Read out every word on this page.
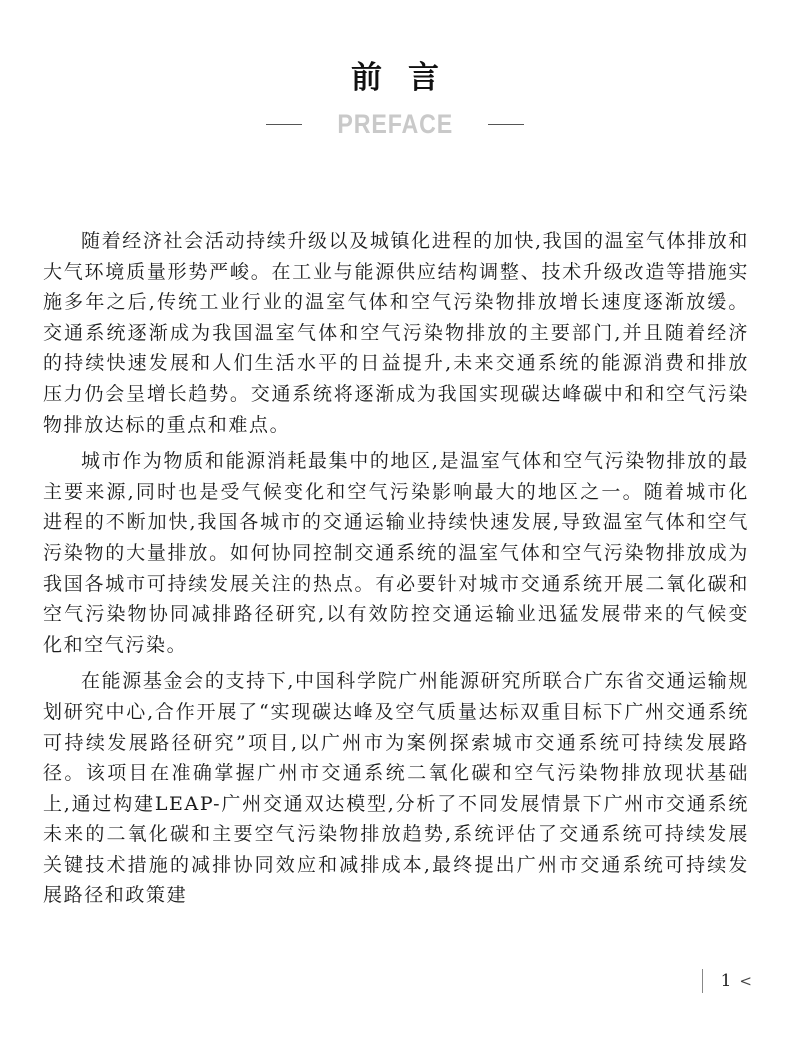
前言
PREFACE

随着经济社会活动持续升级以及城镇化进程的加快,我国的温室气体排放和大气环境质量形势严峻。在工业与能源供应结构调整、技术升级改造等措施实施多年之后,传统工业行业的温室气体和空气污染物排放增长速度逐渐放缓。交通系统逐渐成为我国温室气体和空气污染物排放的主要部门,并且随着经济的持续快速发展和人们生活水平的日益提升,未来交通系统的能源消费和排放压力仍会呈增长趋势。交通系统将逐渐成为我国实现碳达峰碳中和和空气污染物排放达标的重点和难点。

城市作为物质和能源消耗最集中的地区,是温室气体和空气污染物排放的最主要来源,同时也是受气候变化和空气污染影响最大的地区之一。随着城市化进程的不断加快,我国各城市的交通运输业持续快速发展,导致温室气体和空气污染物的大量排放。如何协同控制交通系统的温室气体和空气污染物排放成为我国各城市可持续发展关注的热点。有必要针对城市交通系统开展二氧化碳和空气污染物协同减排路径研究,以有效防控交通运输业迅猛发展带来的气候变化和空气污染。

在能源基金会的支持下,中国科学院广州能源研究所联合广东省交通运输规划研究中心,合作开展了“实现碳达峰及空气质量达标双重目标下广州交通系统可持续发展路径研究”项目,以广州市为案例探索城市交通系统可持续发展路径。该项目在准确掌握广州市交通系统二氧化碳和空气污染物排放现状基础上,通过构建LEAP-广州交通双达模型,分析了不同发展情景下广州市交通系统未来的二氧化碳和主要空气污染物排放趋势,系统评估了交通系统可持续发展关键技术措施的减排协同效应和减排成本,最终提出广州市交通系统可持续发展路径和政策建

1 <
